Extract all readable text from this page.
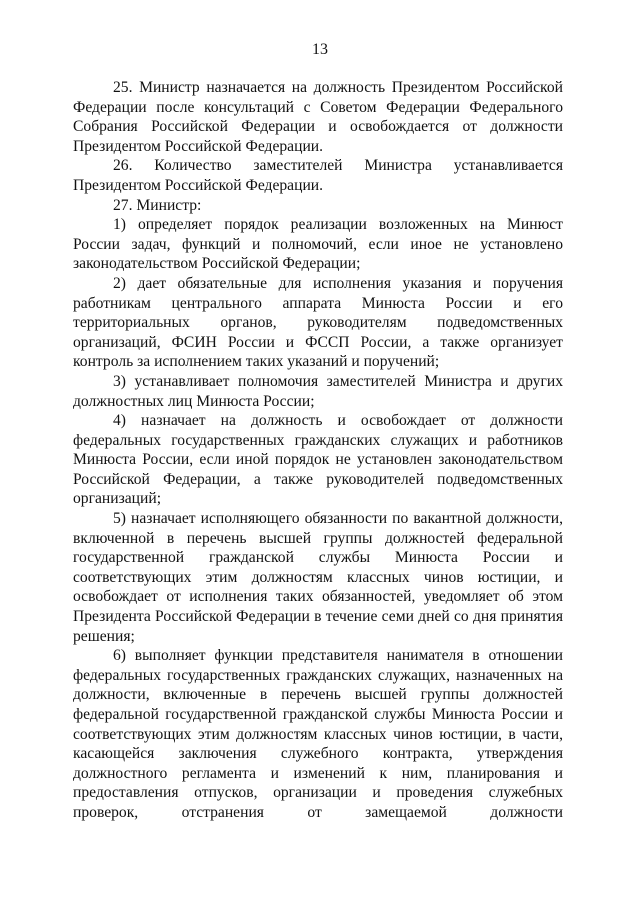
13

25. Министр назначается на должность Президентом Российской Федерации после консультаций с Советом Федерации Федерального Собрания Российской Федерации и освобождается от должности Президентом Российской Федерации.

26. Количество заместителей Министра устанавливается Президентом Российской Федерации.

27. Министр:

1) определяет порядок реализации возложенных на Минюст России задач, функций и полномочий, если иное не установлено законодательством Российской Федерации;

2) дает обязательные для исполнения указания и поручения работникам центрального аппарата Минюста России и его территориальных органов, руководителям подведомственных организаций, ФСИН России и ФССП России, а также организует контроль за исполнением таких указаний и поручений;

3) устанавливает полномочия заместителей Министра и других должностных лиц Минюста России;

4) назначает на должность и освобождает от должности федеральных государственных гражданских служащих и работников Минюста России, если иной порядок не установлен законодательством Российской Федерации, а также руководителей подведомственных организаций;

5) назначает исполняющего обязанности по вакантной должности, включенной в перечень высшей группы должностей федеральной государственной гражданской службы Минюста России и соответствующих этим должностям классных чинов юстиции, и освобождает от исполнения таких обязанностей, уведомляет об этом Президента Российской Федерации в течение семи дней со дня принятия решения;

6) выполняет функции представителя нанимателя в отношении федеральных государственных гражданских служащих, назначенных на должности, включенные в перечень высшей группы должностей федеральной государственной гражданской службы Минюста России и соответствующих этим должностям классных чинов юстиции, в части, касающейся заключения служебного контракта, утверждения должностного регламента и изменений к ним, планирования и предоставления отпусков, организации и проведения служебных проверок, отстранения от замещаемой должности
